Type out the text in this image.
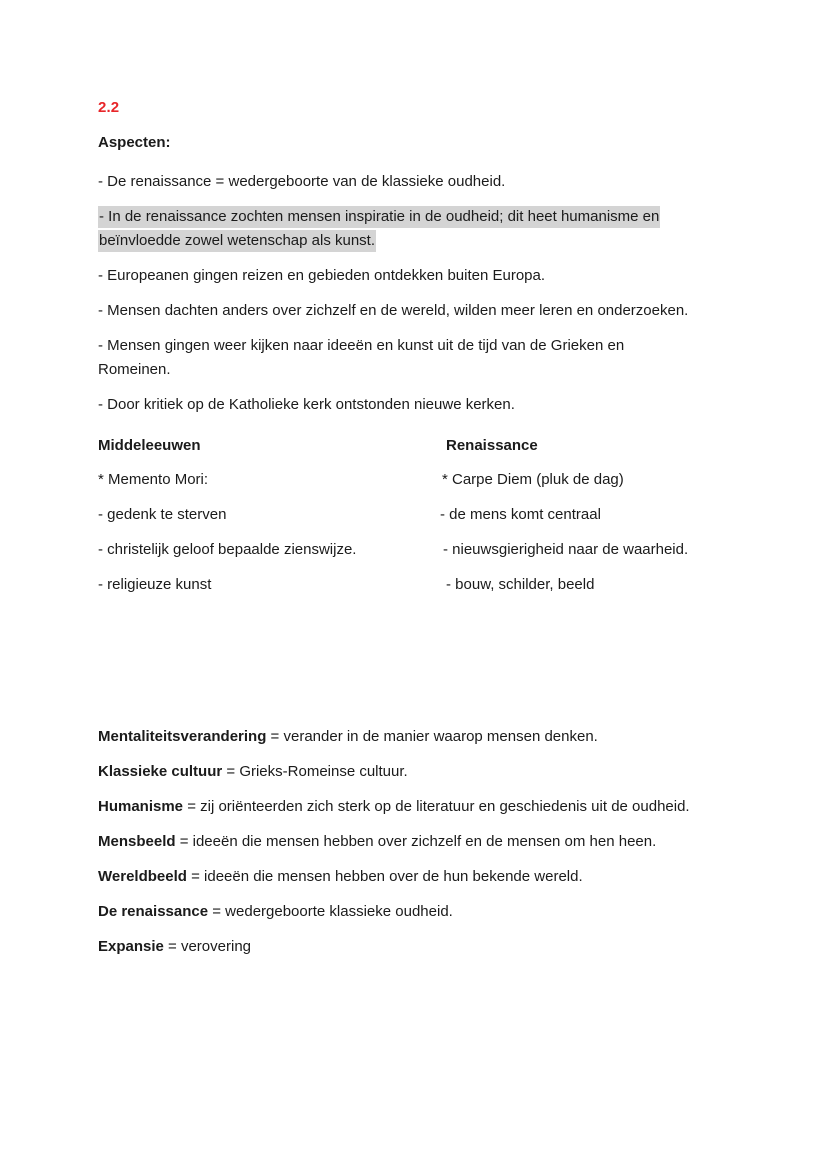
2.2
Aspecten:

- De renaissance = wedergeboorte van de klassieke oudheid.

- In de renaissance zochten mensen inspiratie in de oudheid; dit heet humanisme en beïnvloedde zowel wetenschap als kunst.

- Europeanen gingen reizen en gebieden ontdekken buiten Europa.

- Mensen dachten anders over zichzelf en de wereld, wilden meer leren en onderzoeken.

- Mensen gingen weer kijken naar ideeën en kunst uit de tijd van de Grieken en Romeinen.

- Door kritiek op de Katholieke kerk ontstonden nieuwe kerken.

Middeleeuwen	Renaissance
* Memento Mori:
- gedenk te sterven
- christelijk geloof bepaalde zienswijze.
- religieuze kunst
* Carpe Diem (pluk de dag)
- de mens komt centraal
- nieuwsgierigheid naar de waarheid.
- bouw, schilder, beeld

Mentaliteitsverandering = verander in de manier waarop mensen denken.

Klassieke cultuur = Grieks-Romeinse cultuur.

Humanisme = zij oriënteerden zich sterk op de literatuur en geschiedenis uit de oudheid.

Mensbeeld = ideeën die mensen hebben over zichzelf en de mensen om hen heen.

Wereldbeeld = ideeën die mensen hebben over de hun bekende wereld.

De renaissance = wedergeboorte klassieke oudheid.

Expansie = verovering
